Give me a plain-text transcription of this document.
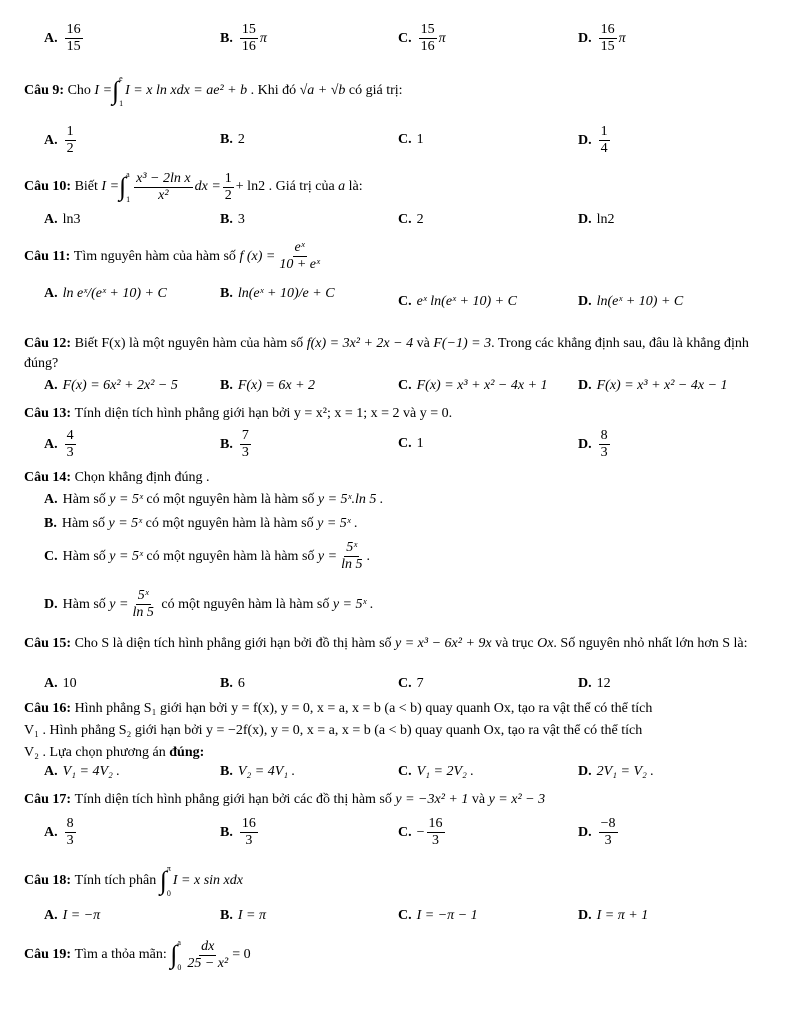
A. $\frac{16}{15}$	B. $\frac{15}{16}$ π	C. $\frac{15}{16}$ π	D. $\frac{16}{15}$ π
Câu 9:
Cho
I = ∫ e
1
I = x ln xdx = ae² + b
. Khi đó
√a + √b
có giá trị:
A. $\frac{1}{2}$	B. 2	C. 1	D. $\frac{1}{4}$
Câu 10:
Biết
I = ∫ a
$1 \frac{\text{x³ − 2ln x}}{\text{x²}}$ dx = $\frac{1}{2} + \ln 2$
. Giá trị của
a
là:
A. ln3	B. 3	C. 2	D. ln2
Câu 11:
Tìm nguyên hàm của hàm số
f $(x) = \frac{\text{eˣ}}{\text{10 + eˣ}}$
A. ln eˣ/(eˣ + 10) + C	B. ln(eˣ + 10)/e + C
C. eˣ ln(eˣ + 10) + C	D. ln(eˣ + 10) + C
Câu 12: Biết F(x) là một nguyên hàm của hàm số f(x) = 3x² + 2x − 4 và F(−1) = 3. Trong các khẳng định sau, đâu là khẳng định đúng?
A. F(x) = 6x² + 2x² − 5	B. F(x) = 6x + 2	C. F(x) = x³ + x² − 4x + 1 D. F(x) = x³ + x² − 4x − 1
Câu 13:
Tính diện tích hình phẳng giới hạn bởi y = x²; x = 1; x = 2 và y = 0.
A. $\frac{4}{3}$	B. $\frac{7}{3}$	C. 1	D. $\frac{8}{3}$
Câu 14:
Chọn khẳng định đúng .
A. Hàm số
y = 5ˣ
có một nguyên hàm là hàm số
y = 5ˣ.ln 5 .
B. Hàm số
y = 5ˣ
có một nguyên hàm là hàm số
y = 5ˣ .
C. Hàm số
y = 5ˣ
có một nguyên hàm là hàm số
$y = \frac{\text{5ˣ}}{\ln 5}$ .
D. Hàm số
$y = \frac{\text{5ˣ}}{\ln 5}$
có một nguyên hàm là hàm số
y = 5ˣ .
Câu 15: Cho S là diện tích hình phẳng giới hạn bởi đồ thị hàm số y = x³ − 6x² + 9x và trục Ox. Số nguyên nhỏ nhất lớn hơn S là:
A. 10	B. 6	C. 7	D. 12
Câu 16: Hình phẳng S₁ giới hạn bởi y = f(x), y = 0, x = a, x = b (a < b) quay quanh Ox, tạo ra vật thể có thể tích
V₁ . Hình phẳng S₂ giới hạn bởi y = −2f(x), y = 0, x = a, x = b (a < b) quay quanh Ox, tạo ra vật thể có thể tích
V₂ . Lựa chọn phương án đúng:
A. V₁ = 4V₂ .	B. V₂ = 4V₁ .	C. V₁ = 2V₂ .	D. 2V₁ = V₂ .
Câu 17:
Tính diện tích hình phẳng giới hạn bởi các đồ thị hàm số
y = −3x² + 1
và
y = x² − 3
A. $\frac{8}{3}$	B. $\frac{16}{3}$	C. − $\frac{16}{3}$	D. $\frac{-8}{3}$
Câu 18:
Tính tích phân
∫ π
0
I = x sin xdx
A. I = −π	B. I = π	C. I = −π − 1	D. I = π + 1
Câu 19:
Tìm a thỏa mãn:
∫ a
$0 \frac{dx}{\text{25 − x²}} = 0$
